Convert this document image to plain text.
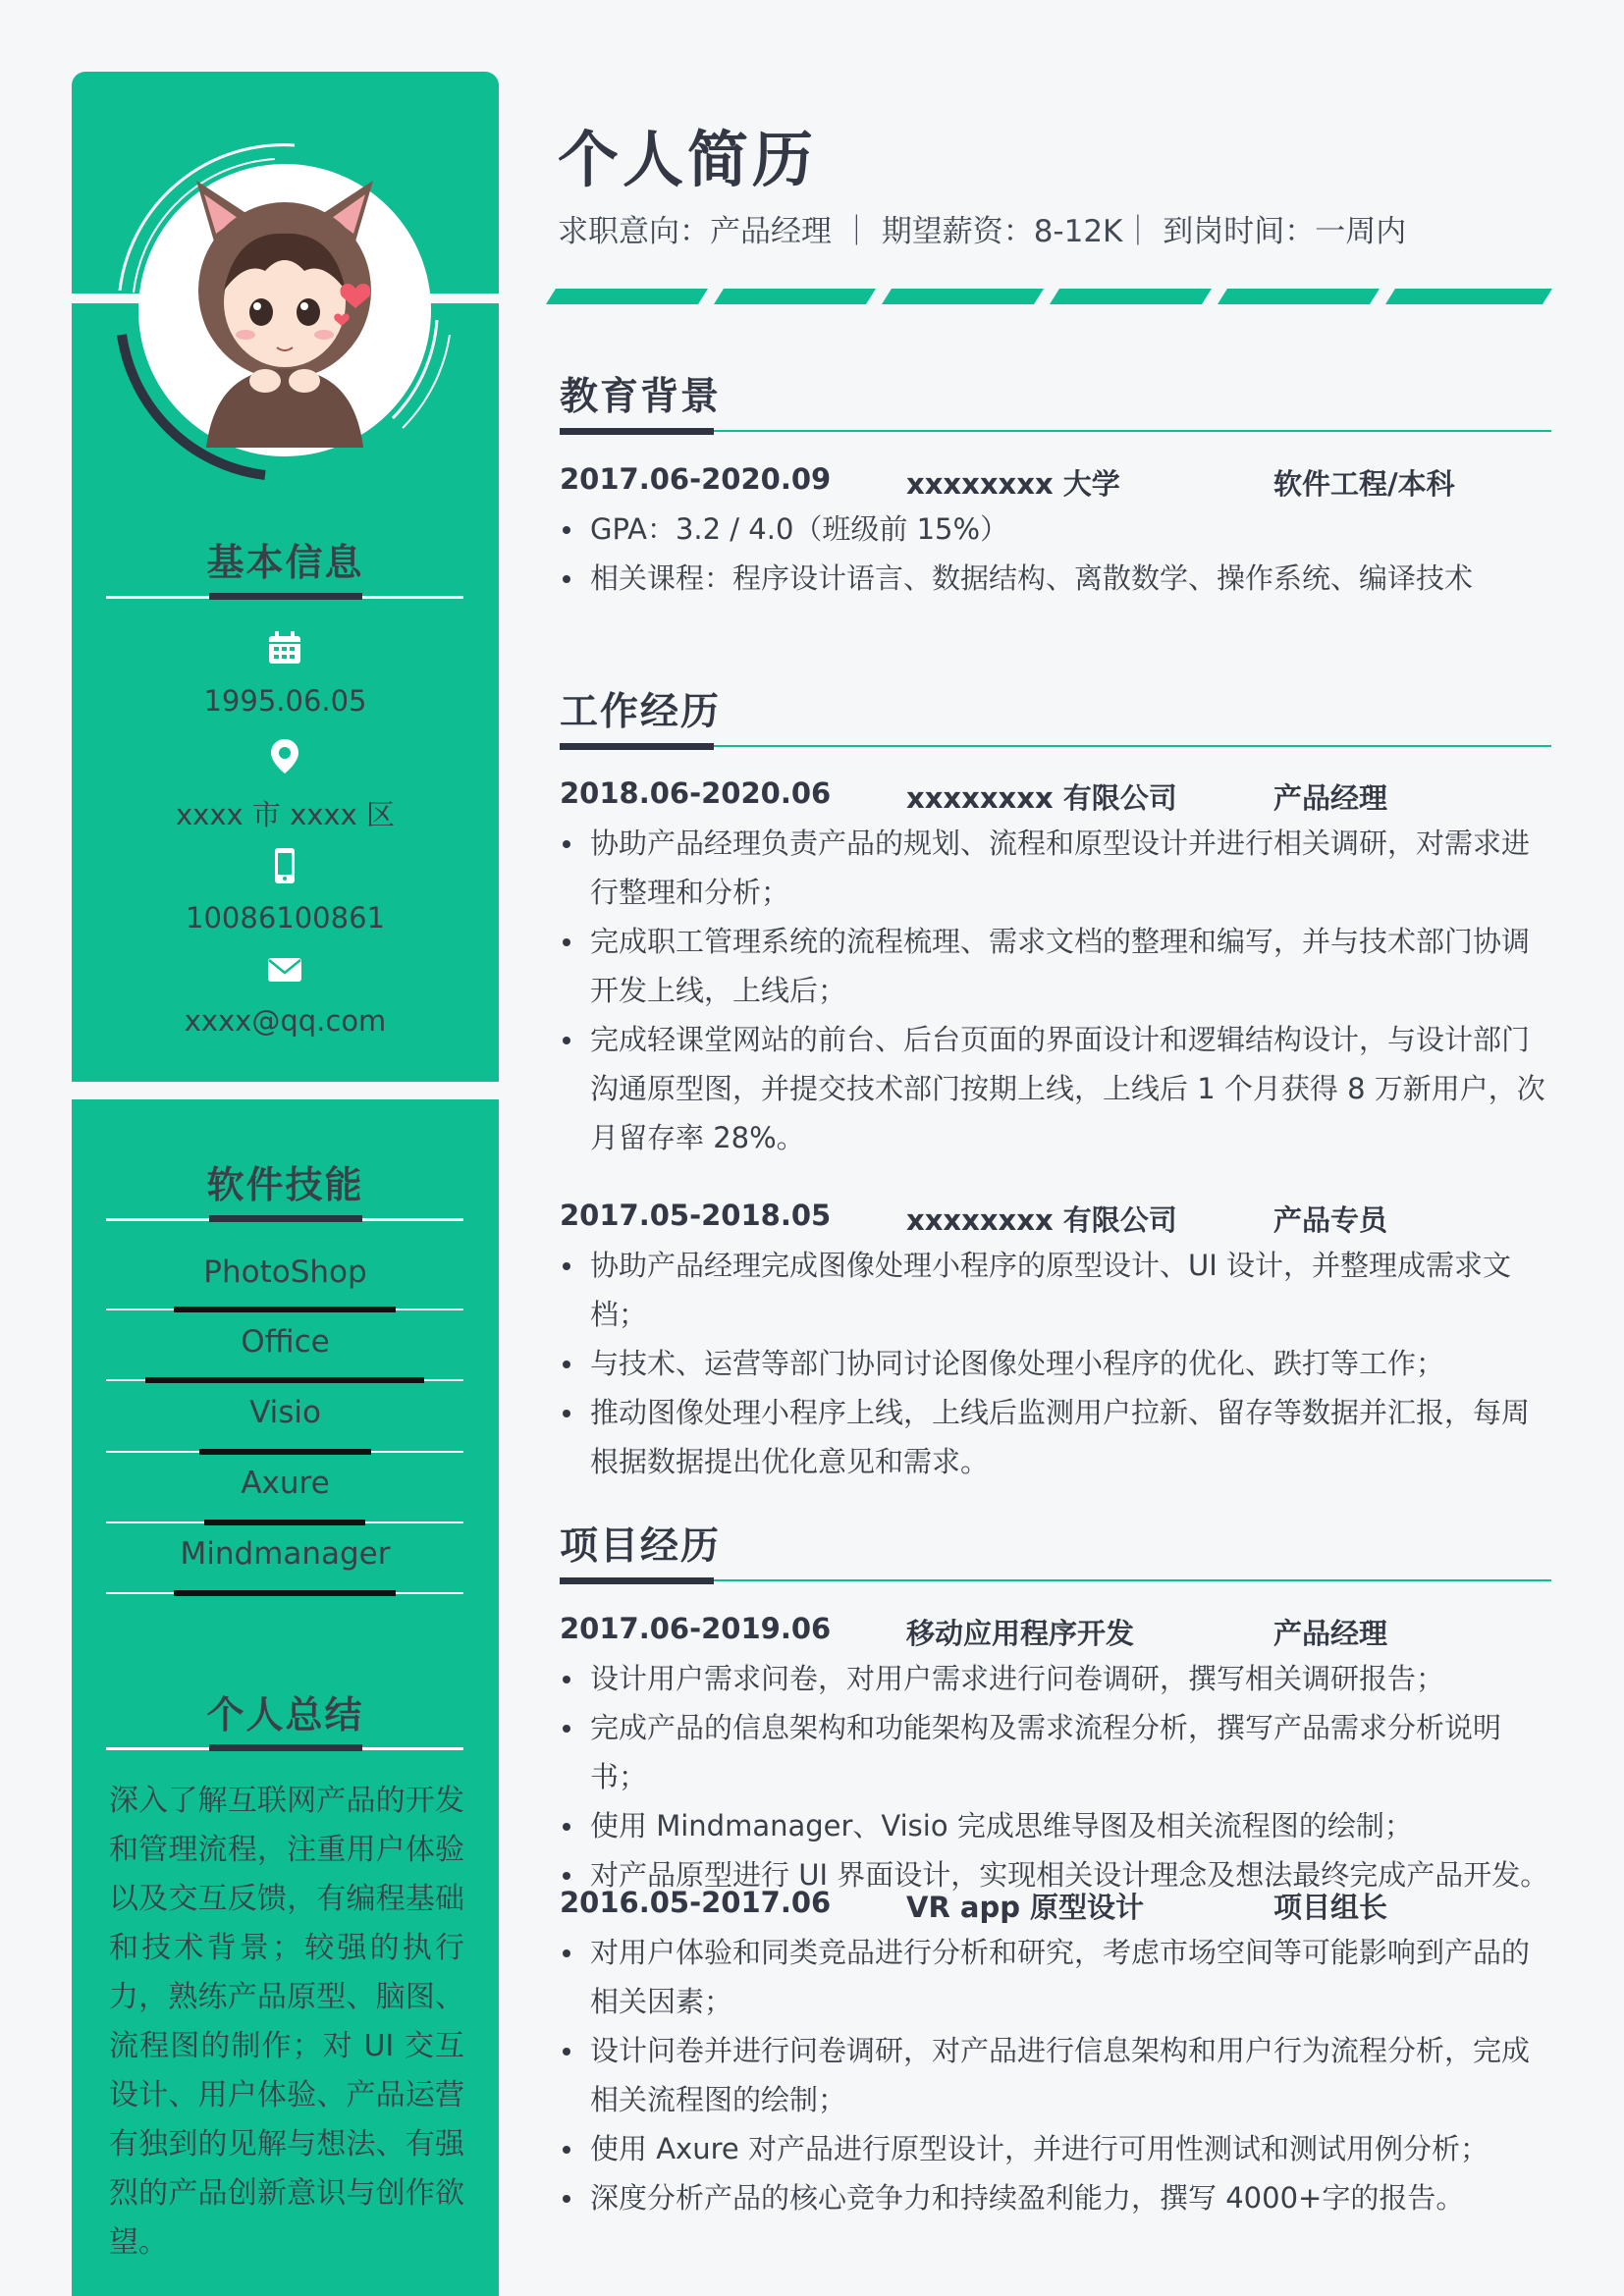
基本信息
1995.06.05
xxxx 市 xxxx 区
10086100861
xxxx@qq.com
软件技能
PhotoShop
Office
Visio
Axure
Mindmanager
个人总结
深入了解互联网产品的开发和管理流程，注重用户体验以及交互反馈，有编程基础和技术背景；较强的执行力，熟练产品原型、脑图、流程图的制作；对 UI 交互设计、用户体验、产品运营有独到的见解与想法、有强烈的产品创新意识与创作欲望。
个人简历
求职意向：产品经理 ｜ 期望薪资：8-12K｜ 到岗时间：一周内
教育背景
2017.06-2020.09	xxxxxxxx 大学	软件工程/本科
GPA：3.2 / 4.0（班级前 15%）
相关课程：程序设计语言、数据结构、离散数学、操作系统、编译技术
工作经历
2018.06-2020.06	xxxxxxxx 有限公司	产品经理
协助产品经理负责产品的规划、流程和原型设计并进行相关调研，对需求进行整理和分析；
完成职工管理系统的流程梳理、需求文档的整理和编写，并与技术部门协调开发上线，上线后；
完成轻课堂网站的前台、后台页面的界面设计和逻辑结构设计，与设计部门沟通原型图，并提交技术部门按期上线，上线后 1 个月获得 8 万新用户，次月留存率 28%。
2017.05-2018.05	xxxxxxxx 有限公司	产品专员
协助产品经理完成图像处理小程序的原型设计、UI 设计，并整理成需求文档；
与技术、运营等部门协同讨论图像处理小程序的优化、跌打等工作；
推动图像处理小程序上线，上线后监测用户拉新、留存等数据并汇报，每周根据数据提出优化意见和需求。
项目经历
2017.06-2019.06	移动应用程序开发	产品经理
设计用户需求问卷，对用户需求进行问卷调研，撰写相关调研报告；
完成产品的信息架构和功能架构及需求流程分析，撰写产品需求分析说明书；
使用 Mindmanager、Visio 完成思维导图及相关流程图的绘制；
对产品原型进行 UI 界面设计，实现相关设计理念及想法最终完成产品开发。
2016.05-2017.06	VR app 原型设计	项目组长
对用户体验和同类竞品进行分析和研究，考虑市场空间等可能影响到产品的相关因素；
设计问卷并进行问卷调研，对产品进行信息架构和用户行为流程分析，完成相关流程图的绘制；
使用 Axure 对产品进行原型设计，并进行可用性测试和测试用例分析；
深度分析产品的核心竞争力和持续盈利能力，撰写 4000+字的报告。
